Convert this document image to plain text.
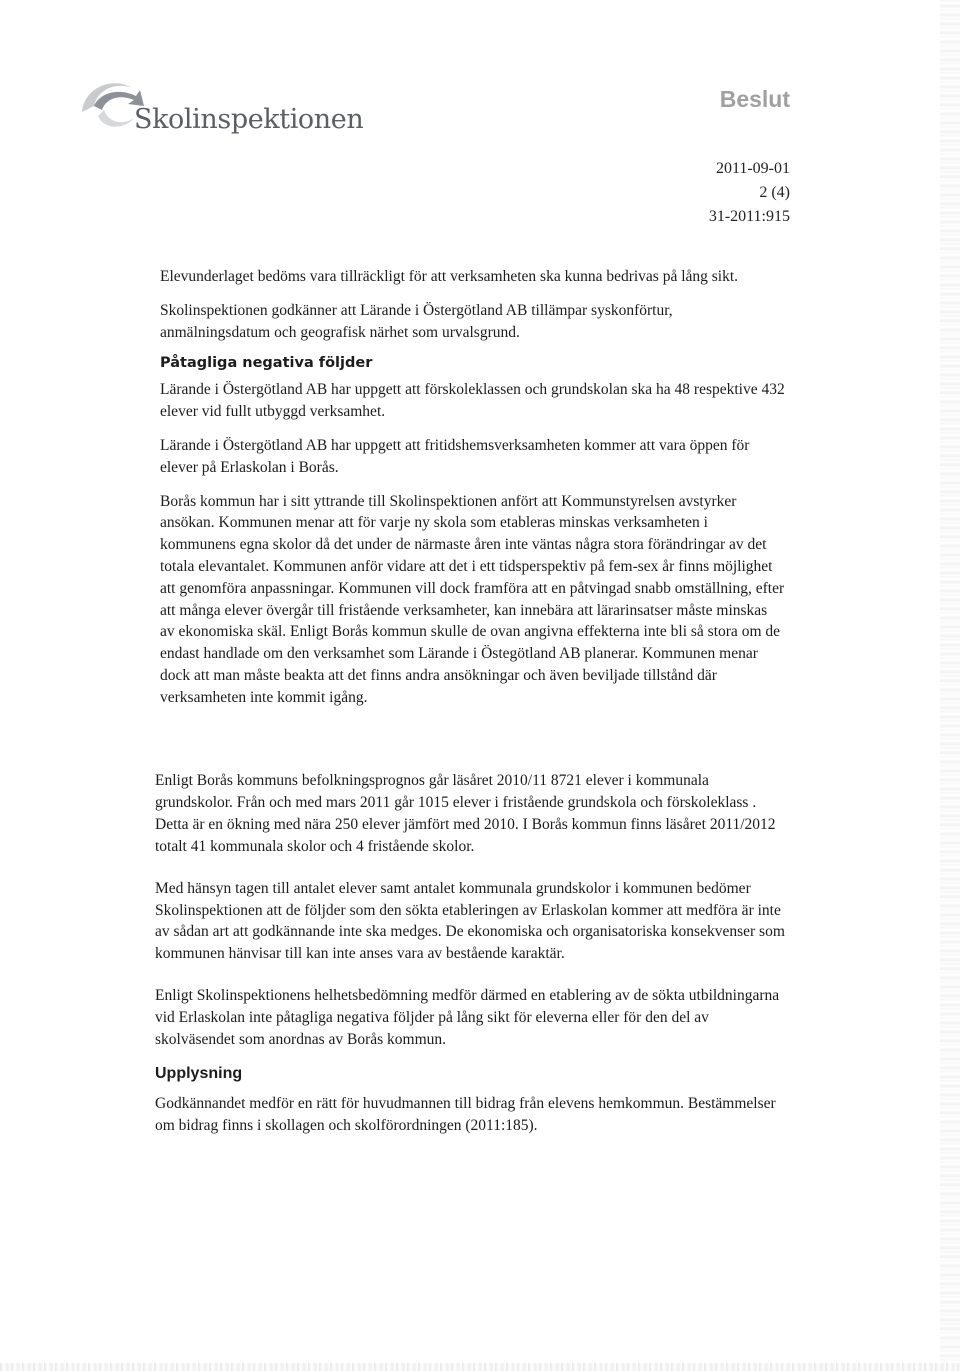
Skolinspektionen
Beslut
2011-09-01
2 (4)
31-2011:915

Elevunderlaget bedöms vara tillräckligt för att verksamheten ska kunna bedrivas på lång sikt.

Skolinspektionen godkänner att Lärande i Östergötland AB tillämpar syskonförtur, anmälningsdatum och geografisk närhet som urvalsgrund.

Påtagliga negativa följder

Lärande i Östergötland AB har uppgett att förskoleklassen och grundskolan ska ha 48 respektive 432 elever vid fullt utbyggd verksamhet.

Lärande i Östergötland AB har uppgett att fritidshemsverksamheten kommer att vara öppen för elever på Erlaskolan i Borås.

Borås kommun har i sitt yttrande till Skolinspektionen anfört att Kommunstyrelsen avstyrker ansökan. Kommunen menar att för varje ny skola som etableras minskas verksamheten i kommunens egna skolor då det under de närmaste åren inte väntas några stora förändringar av det totala elevantalet. Kommunen anför vidare att det i ett tidsperspektiv på fem-sex år finns möjlighet att genomföra anpassningar. Kommunen vill dock framföra att en påtvingad snabb omställning, efter att många elever övergår till fristående verksamheter, kan innebära att lärarinsatser måste minskas av ekonomiska skäl. Enligt Borås kommun skulle de ovan angivna effekterna inte bli så stora om de endast handlade om den verksamhet som Lärande i Östegötland AB planerar. Kommunen menar dock att man måste beakta att det finns andra ansökningar och även beviljade tillstånd där verksamheten inte kommit igång.

Enligt Borås kommuns befolkningsprognos går läsåret 2010/11 8721 elever i kommunala grundskolor. Från och med mars 2011 går 1015 elever i fristående grundskola och förskoleklass . Detta är en ökning med nära 250 elever jämfört med 2010. I Borås kommun finns läsåret 2011/2012 totalt 41 kommunala skolor och 4 fristående skolor.

Med hänsyn tagen till antalet elever samt antalet kommunala grundskolor i kommunen bedömer Skolinspektionen att de följder som den sökta etableringen av Erlaskolan kommer att medföra är inte av sådan art att godkännande inte ska medges. De ekonomiska och organisatoriska konsekvenser som kommunen hänvisar till kan inte anses vara av bestående karaktär.

Enligt Skolinspektionens helhetsbedömning medför därmed en etablering av de sökta utbildningarna vid Erlaskolan inte påtagliga negativa följder på lång sikt för eleverna eller för den del av skolväsendet som anordnas av Borås kommun.

Upplysning

Godkännandet medför en rätt för huvudmannen till bidrag från elevens hemkommun. Bestämmelser om bidrag finns i skollagen och skolförordningen (2011:185).
